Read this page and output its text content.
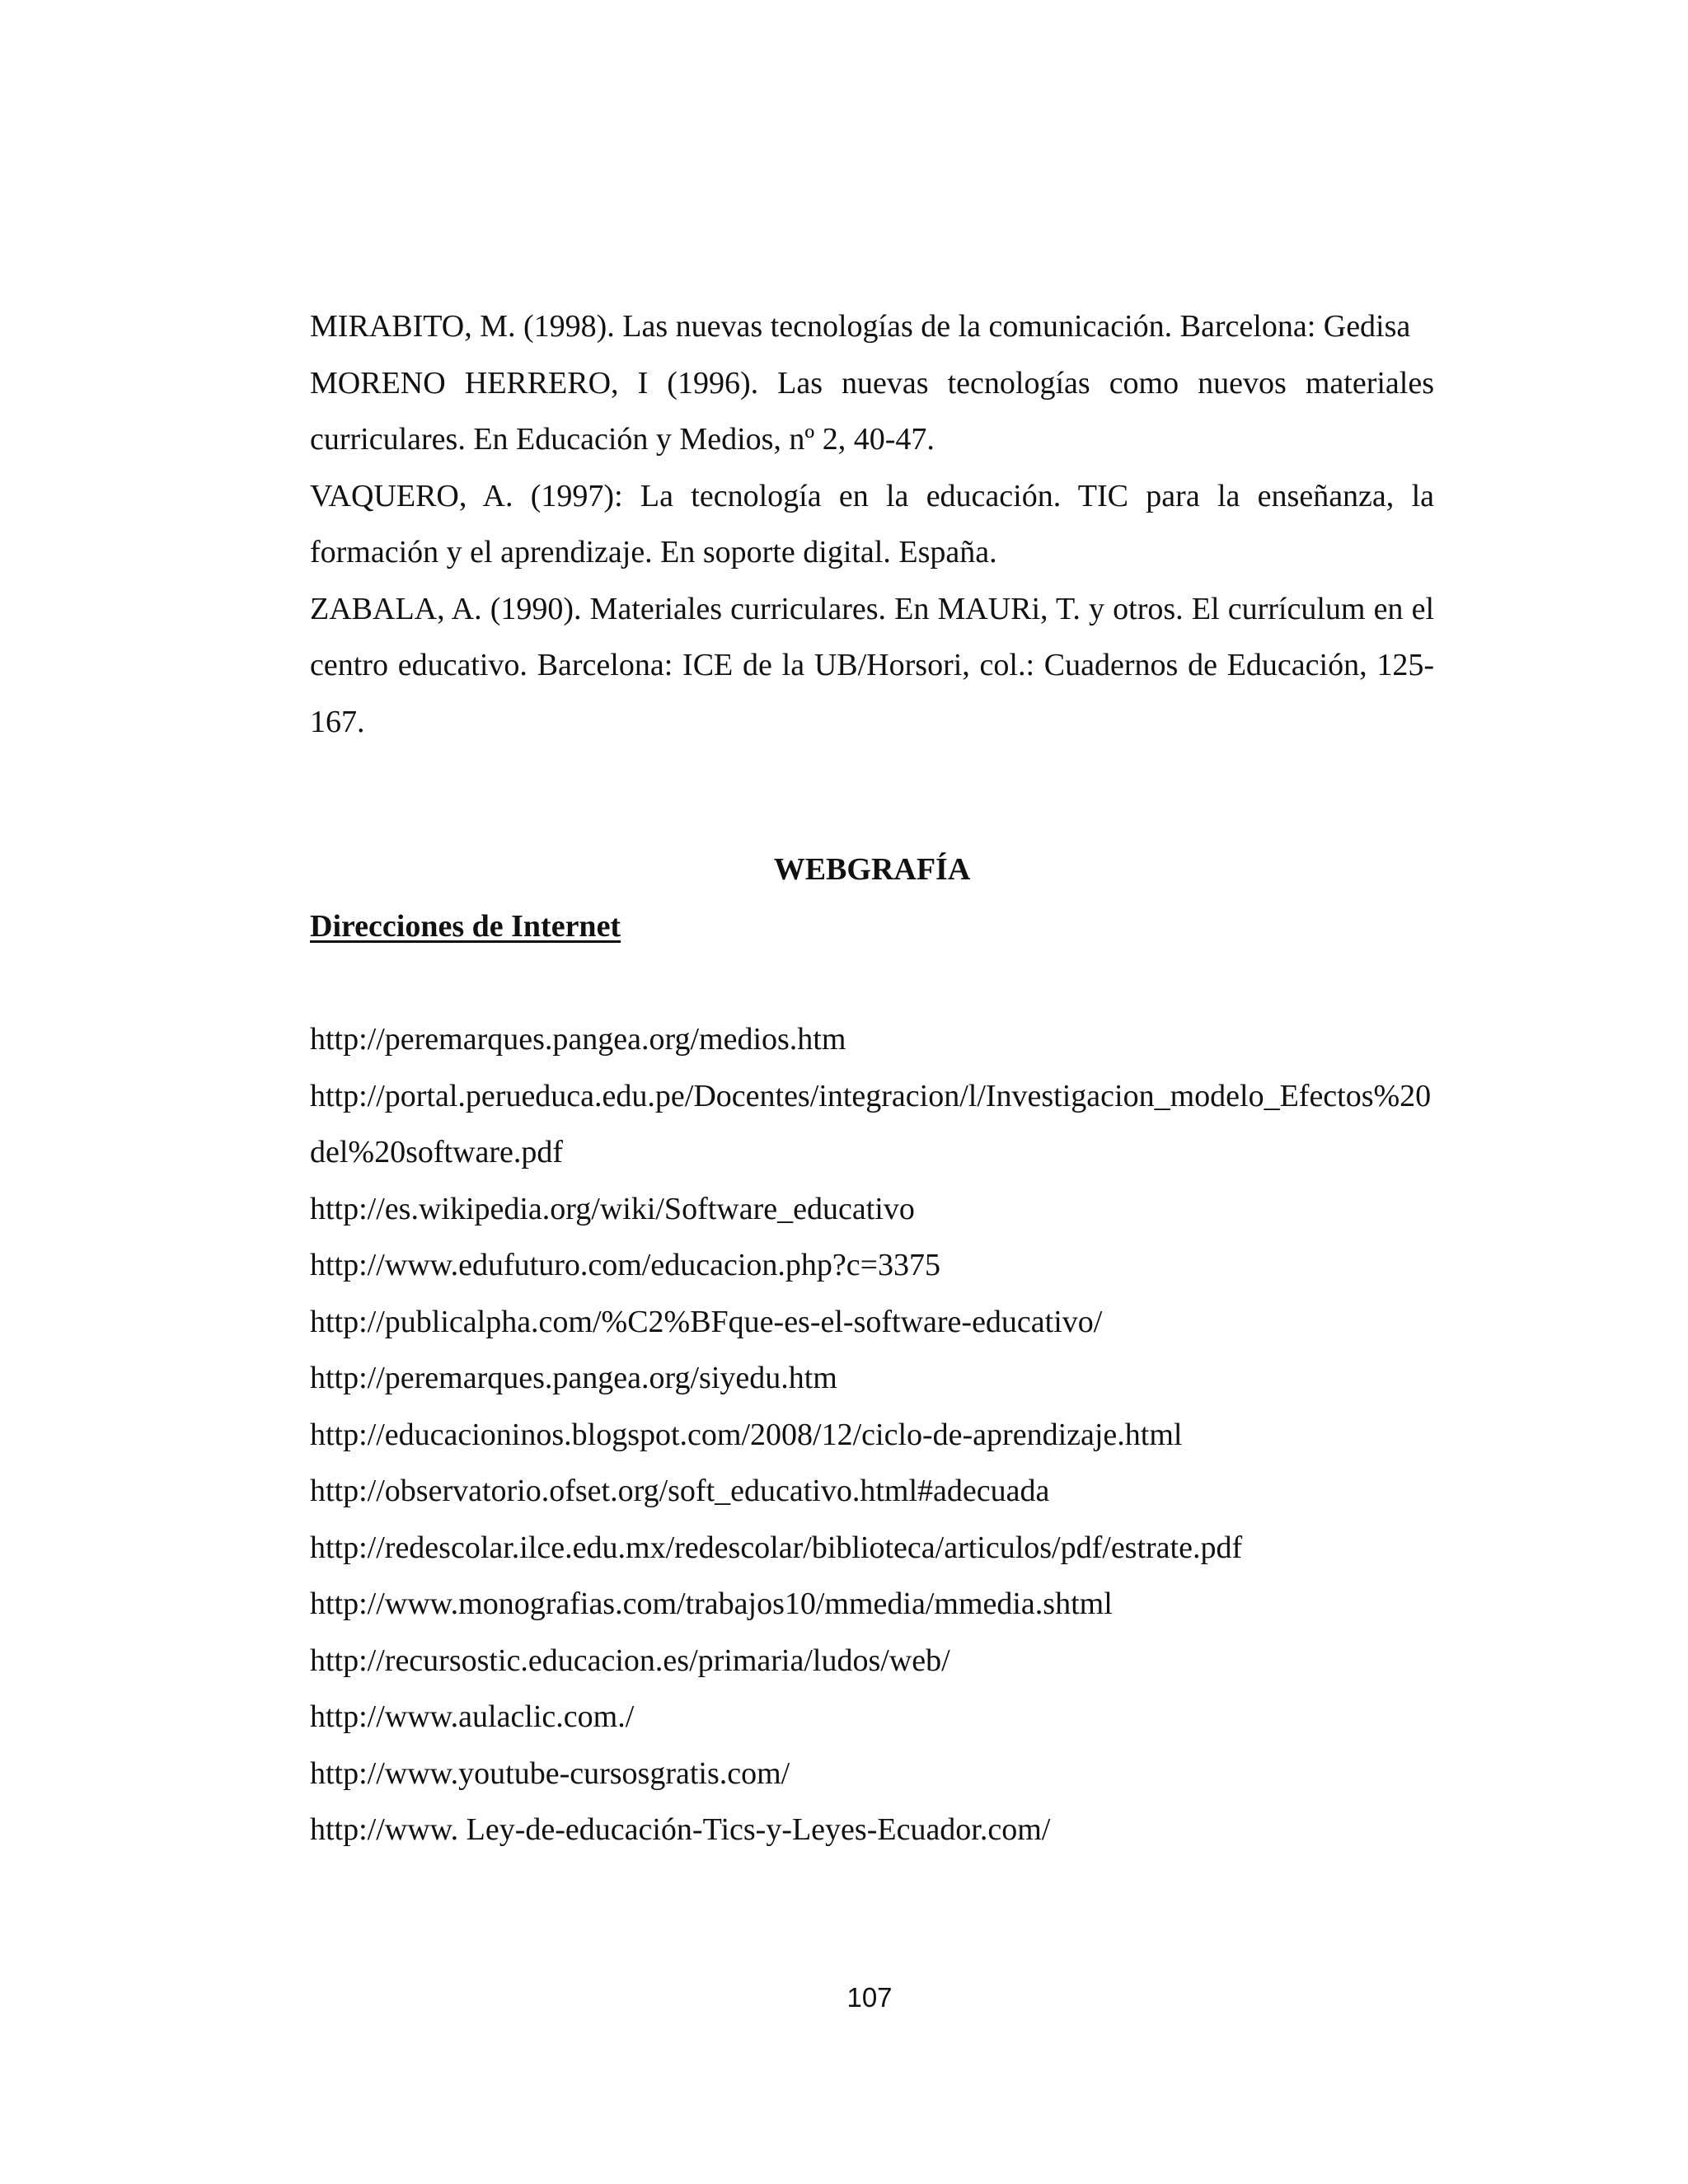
MIRABITO, M. (1998). Las nuevas tecnologías de la comunicación. Barcelona: Gedisa

MORENO HERRERO, I (1996). Las nuevas tecnologías como nuevos materiales curriculares. En Educación y Medios, nº 2, 40-47.

VAQUERO, A. (1997): La tecnología en la educación. TIC para la enseñanza, la formación y el aprendizaje. En soporte digital. España.

ZABALA, A. (1990). Materiales curriculares. En MAURi, T. y otros. El currículum en el centro educativo. Barcelona: ICE de la UB/Horsori, col.: Cuadernos de Educación, 125-167.

WEBGRAFÍA
Direcciones de Internet
http://peremarques.pangea.org/medios.htm
http://portal.perueduca.edu.pe/Docentes/integracion/l/Investigacion_modelo_Efectos%20del%20software.pdf
http://es.wikipedia.org/wiki/Software_educativo
http://www.edufuturo.com/educacion.php?c=3375
http://publicalpha.com/%C2%BFque-es-el-software-educativo/
http://peremarques.pangea.org/siyedu.htm
http://educacioninos.blogspot.com/2008/12/ciclo-de-aprendizaje.html
http://observatorio.ofset.org/soft_educativo.html#adecuada
http://redescolar.ilce.edu.mx/redescolar/biblioteca/articulos/pdf/estrate.pdf
http://www.monografias.com/trabajos10/mmedia/mmedia.shtml
http://recursostic.educacion.es/primaria/ludos/web/
http://www.aulaclic.com./
http://www.youtube-cursosgratis.com/
http://www. Ley-de-educación-Tics-y-Leyes-Ecuador.com/
107
